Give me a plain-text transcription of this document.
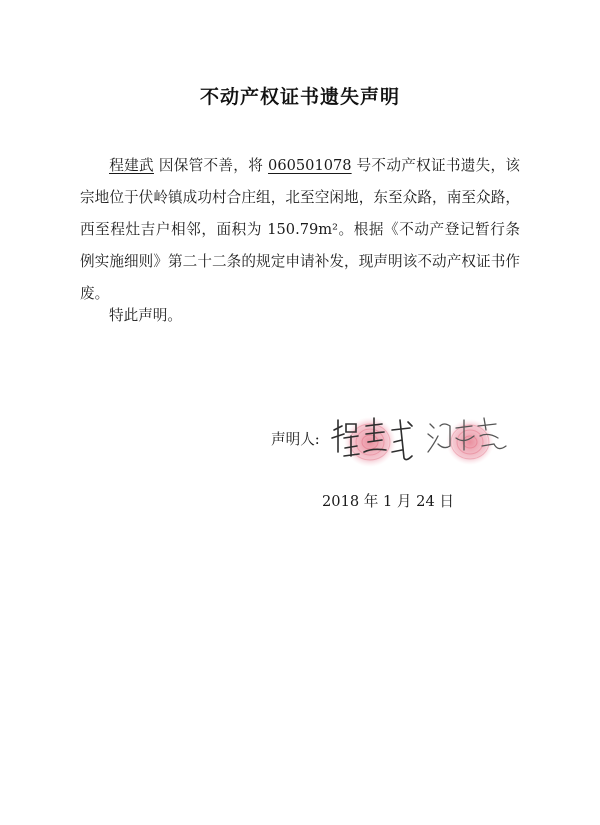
不动产权证书遗失声明

程建武 因保管不善，将 060501078 号不动产权证书遗失，该宗地位于伏岭镇成功村合庄组，北至空闲地，东至众路，南至众路，西至程灶吉户相邻，面积为 150.79m²。根据《不动产登记暂行条例实施细则》第二十二条的规定申请补发，现声明该不动产权证书作废。

特此声明。
声明人:
2018 年 1 月 24 日
